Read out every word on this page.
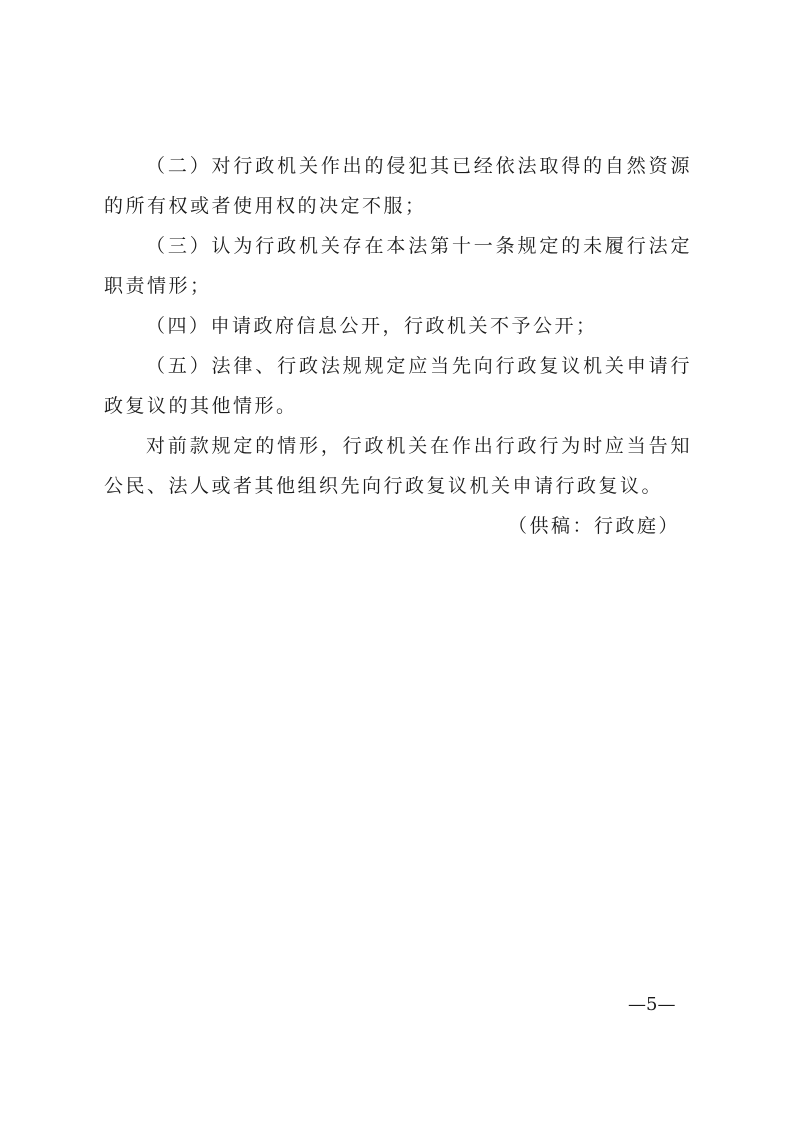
（二）对行政机关作出的侵犯其已经依法取得的自然资源的所有权或者使用权的决定不服；

（三）认为行政机关存在本法第十一条规定的未履行法定职责情形；

（四）申请政府信息公开，行政机关不予公开；

（五）法律、行政法规规定应当先向行政复议机关申请行政复议的其他情形。

对前款规定的情形，行政机关在作出行政行为时应当告知公民、法人或者其他组织先向行政复议机关申请行政复议。

（供稿：行政庭）
—5—
